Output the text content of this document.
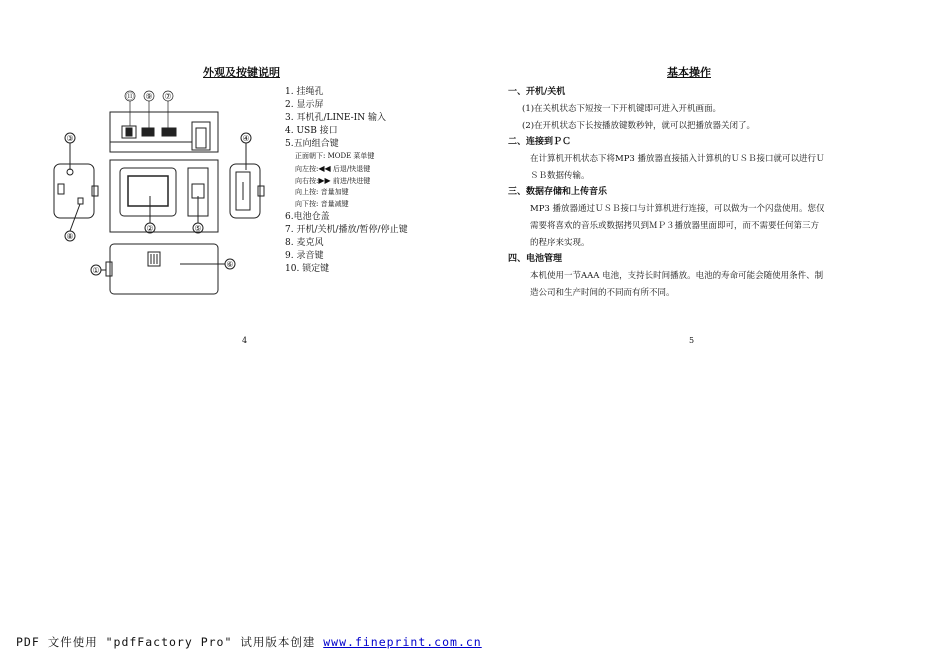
外观及按键说明
⑪ ⑨ ⑦
③	④
⑧
②	⑤
①
⑥
1. 挂绳孔
2. 显示屏
3. 耳机孔/LINE-IN 输入
4. USB 接口
5.五向组合键
正面朝下: MODE 菜单键
向左按:◀◀ 后退/快退键
向右按:▶▶ 前进/快进键
向上按: 音量加键
向下按: 音量减键
6.电池仓盖
7. 开机/关机/播放/暂停/停止键
8. 麦克风
9. 录音键
10. 锁定键
4
基本操作
5
一、开机/关机
(1)在关机状态下短按一下开机键即可进入开机画面。
(2)在开机状态下长按播放键数秒钟，就可以把播放器关闭了。
二、连接到ＰＣ
在计算机开机状态下将MP3 播放器直接插入计算机的ＵＳＢ接口就可以进行Ｕ
ＳＢ数据传输。
三、数据存储和上传音乐
MP3 播放器通过ＵＳＢ接口与计算机进行连接，可以做为一个闪盘使用。您仅
需要将喜欢的音乐或数据拷贝到ＭＰ３播放器里面即可，而不需要任何第三方
的程序来实现。
四、电池管理
本机使用一节AAA 电池，支持长时间播放。电池的寿命可能会随使用条件、制
造公司和生产时间的不同而有所不同。
PDF 文件使用 "pdfFactory Pro" 试用版本创建 www.fineprint.com.cn
